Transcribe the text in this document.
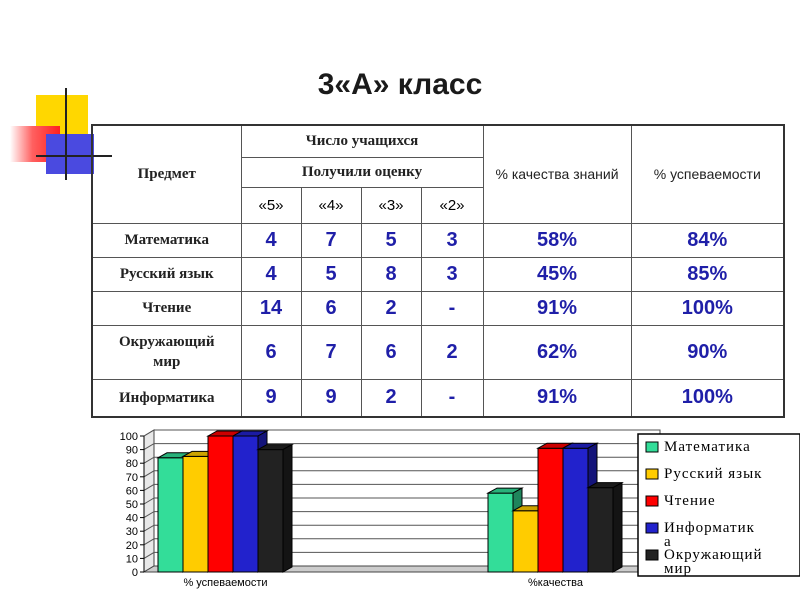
3«А» класс
Предмет	Число учащихся				% качества знаний	% успеваемости
	Получили оценку					
	«5»	«4»	«3»	«2»		
Математика	4	7	5	3	58%	84%
Русский язык	4	5	8	3	45%	85%
Чтение	14	6	2	-	91%	100%
Окружающий мир	6	7	6	2	62%	90%
Информатика	9	9	2	-	91%	100%
0
10
20
30
40
50
60
70
80
90
100
% успеваемости	%качества
Математика
Русский язык
Чтение
Информатик а
Окружающий мир
